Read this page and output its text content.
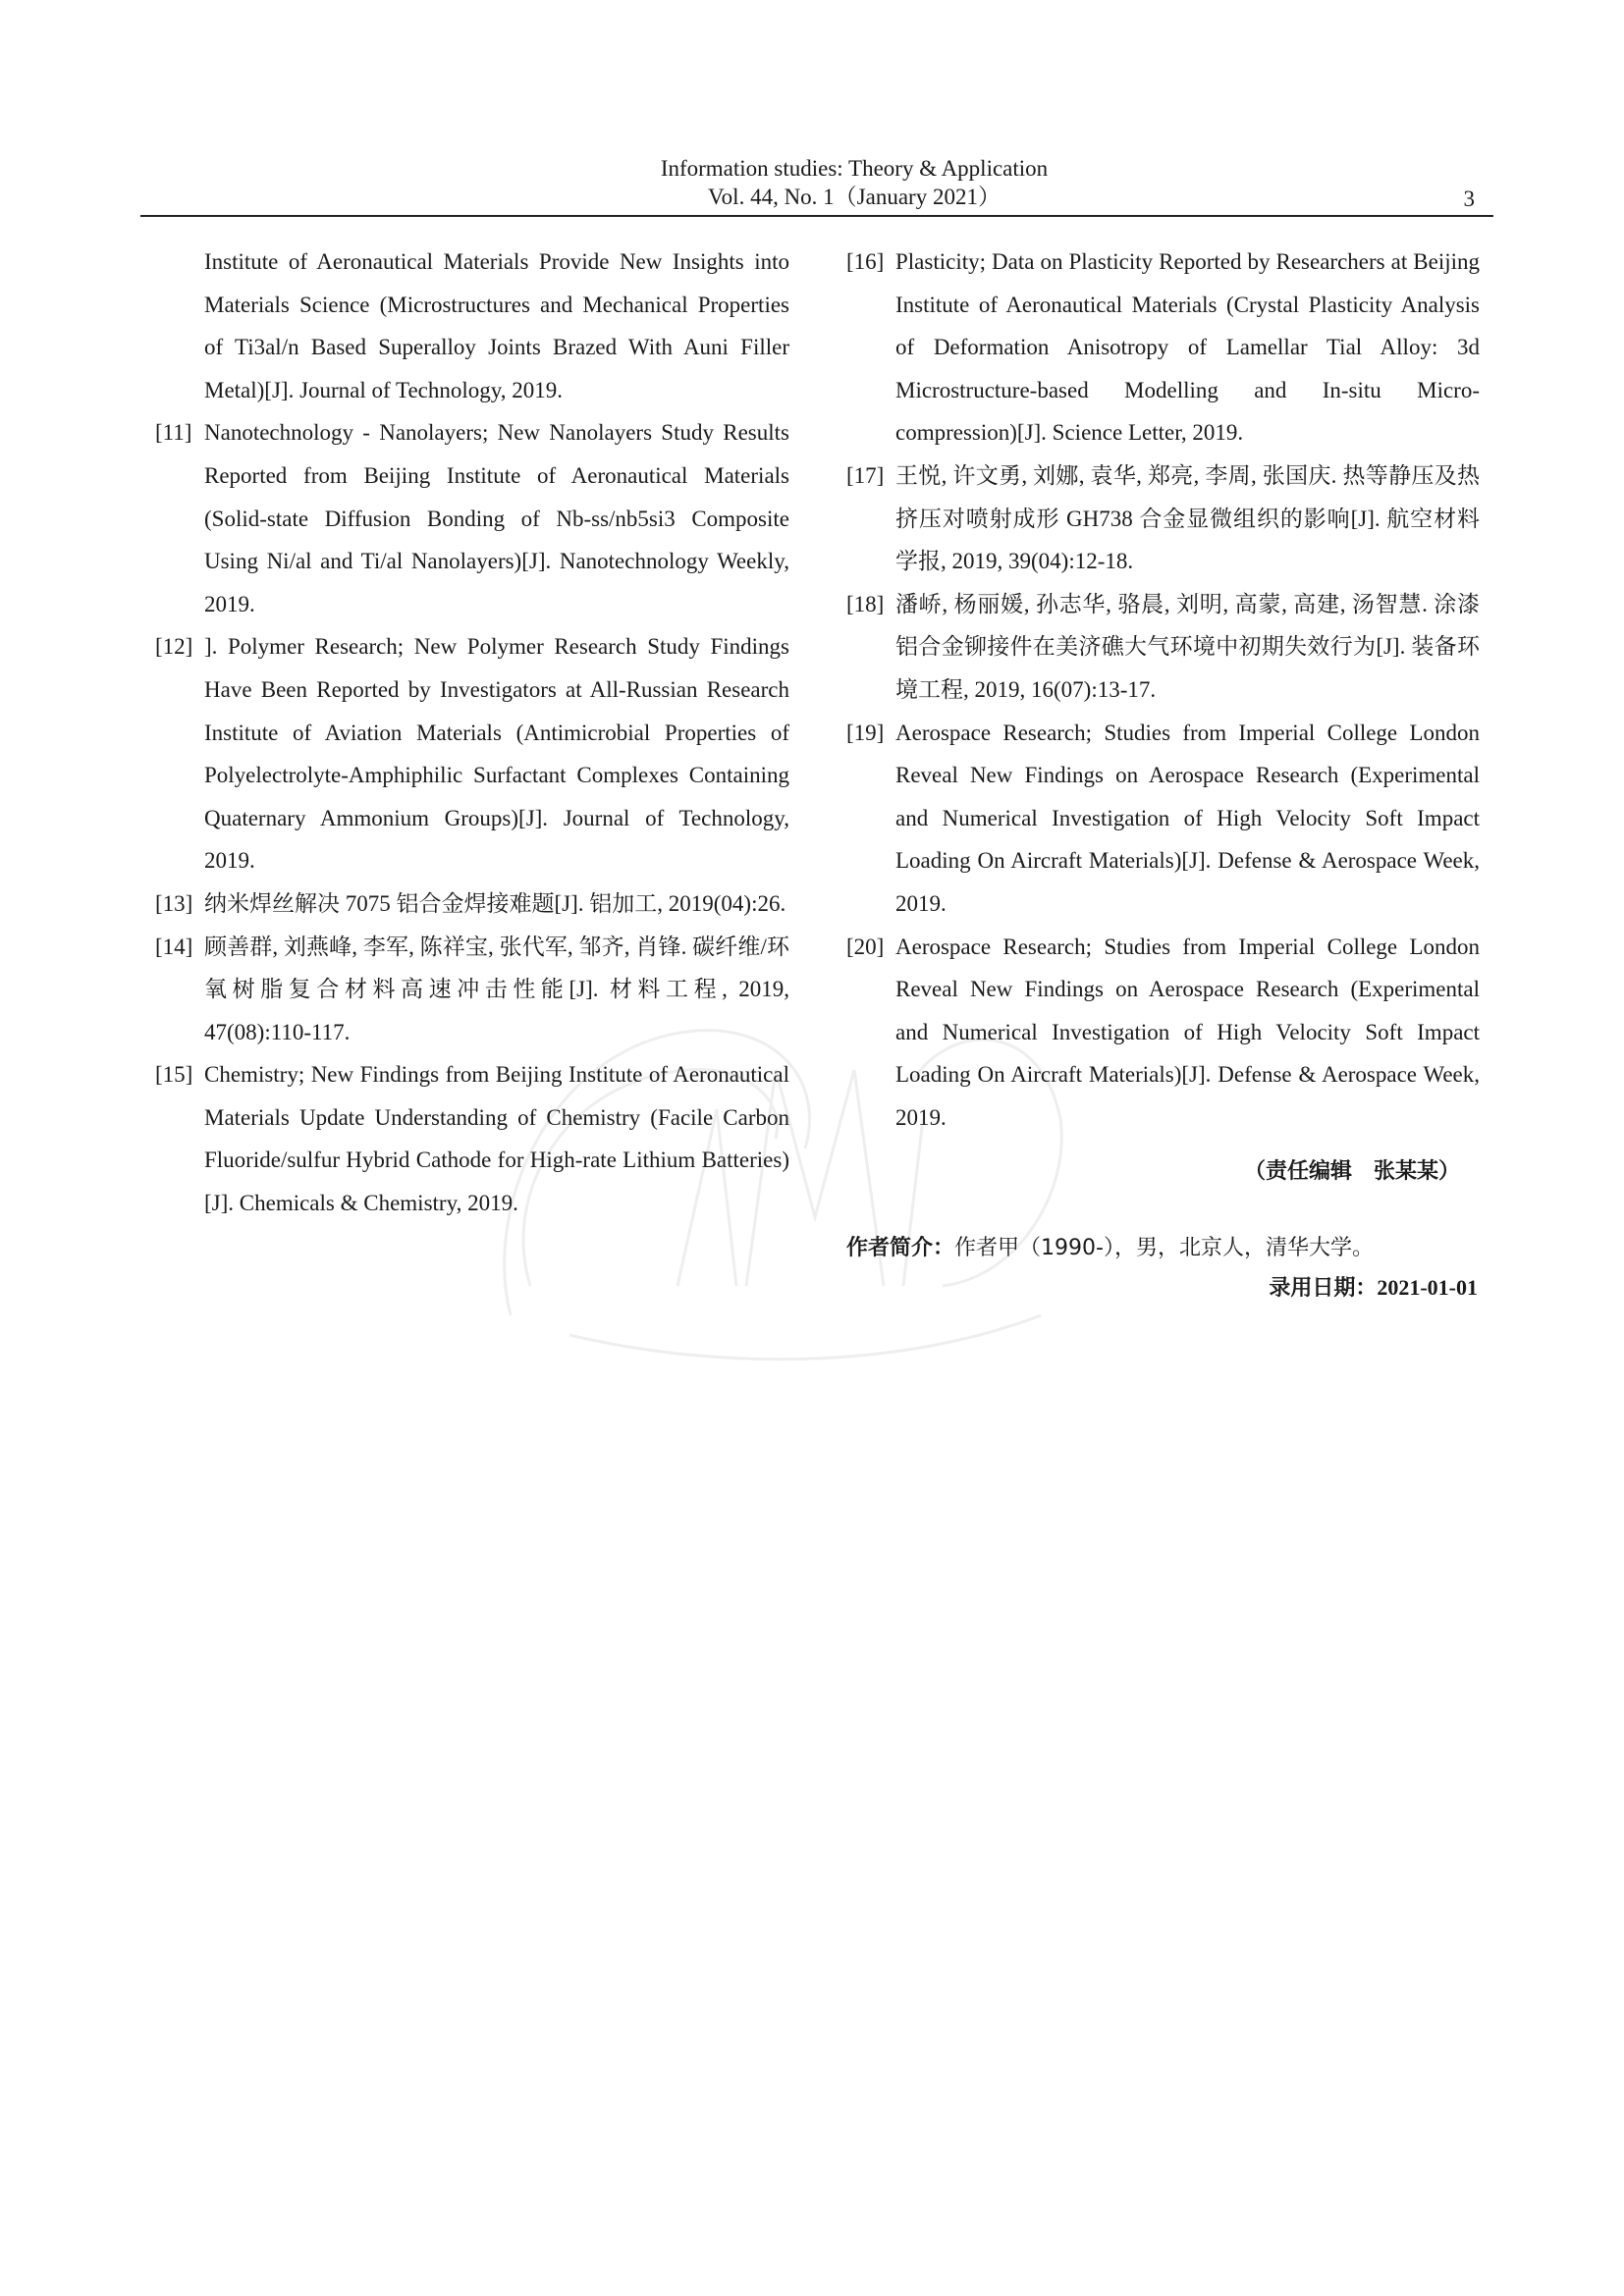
Information studies: Theory & Application
Vol. 44, No. 1（January 2021）	3
Institute of Aeronautical Materials Provide New Insights into Materials Science (Microstructures and Mechanical Properties of Ti3al/n Based Superalloy Joints Brazed With Auni Filler Metal)[J]. Journal of Technology, 2019.
[11] Nanotechnology - Nanolayers; New Nanolayers Study Results Reported from Beijing Institute of Aeronautical Materials (Solid-state Diffusion Bonding of Nb-ss/nb5si3 Composite Using Ni/al and Ti/al Nanolayers)[J]. Nanotechnology Weekly, 2019.
[12] ]. Polymer Research; New Polymer Research Study Findings Have Been Reported by Investigators at All-Russian Research Institute of Aviation Materials (Antimicrobial Properties of Polyelectrolyte-Amphiphilic Surfactant Complexes Containing Quaternary Ammonium Groups)[J]. Journal of Technology, 2019.
[13] 纳米焊丝解决 7075 铝合金焊接难题[J]. 铝加工, 2019(04):26.
[14] 顾善群, 刘燕峰, 李军, 陈祥宝, 张代军, 邹齐, 肖锋. 碳纤维/环氧树脂复合材料高速冲击性能[J]. 材料工程, 2019, 47(08):110-117.
[15] Chemistry; New Findings from Beijing Institute of Aeronautical Materials Update Understanding of Chemistry (Facile Carbon Fluoride/sulfur Hybrid Cathode for High-rate Lithium Batteries)[J]. Chemicals & Chemistry, 2019.
[16] Plasticity; Data on Plasticity Reported by Researchers at Beijing Institute of Aeronautical Materials (Crystal Plasticity Analysis of Deformation Anisotropy of Lamellar Tial Alloy: 3d Microstructure-based Modelling and In-situ Micro-compression)[J]. Science Letter, 2019.
[17] 王悦, 许文勇, 刘娜, 袁华, 郑亮, 李周, 张国庆. 热等静压及热挤压对喷射成形 GH738 合金显微组织的影响[J]. 航空材料学报, 2019, 39(04):12-18.
[18] 潘峤, 杨丽媛, 孙志华, 骆晨, 刘明, 高蒙, 高建, 汤智慧. 涂漆铝合金铆接件在美济礁大气环境中初期失效行为[J]. 装备环境工程, 2019, 16(07):13-17.
[19] Aerospace Research; Studies from Imperial College London Reveal New Findings on Aerospace Research (Experimental and Numerical Investigation of High Velocity Soft Impact Loading On Aircraft Materials)[J]. Defense & Aerospace Week, 2019.
[20] Aerospace Research; Studies from Imperial College London Reveal New Findings on Aerospace Research (Experimental and Numerical Investigation of High Velocity Soft Impact Loading On Aircraft Materials)[J]. Defense & Aerospace Week, 2019.
（责任编辑　张某某）
作者简介：作者甲（1990-），男，北京人，清华大学。
录用日期：2021-01-01
